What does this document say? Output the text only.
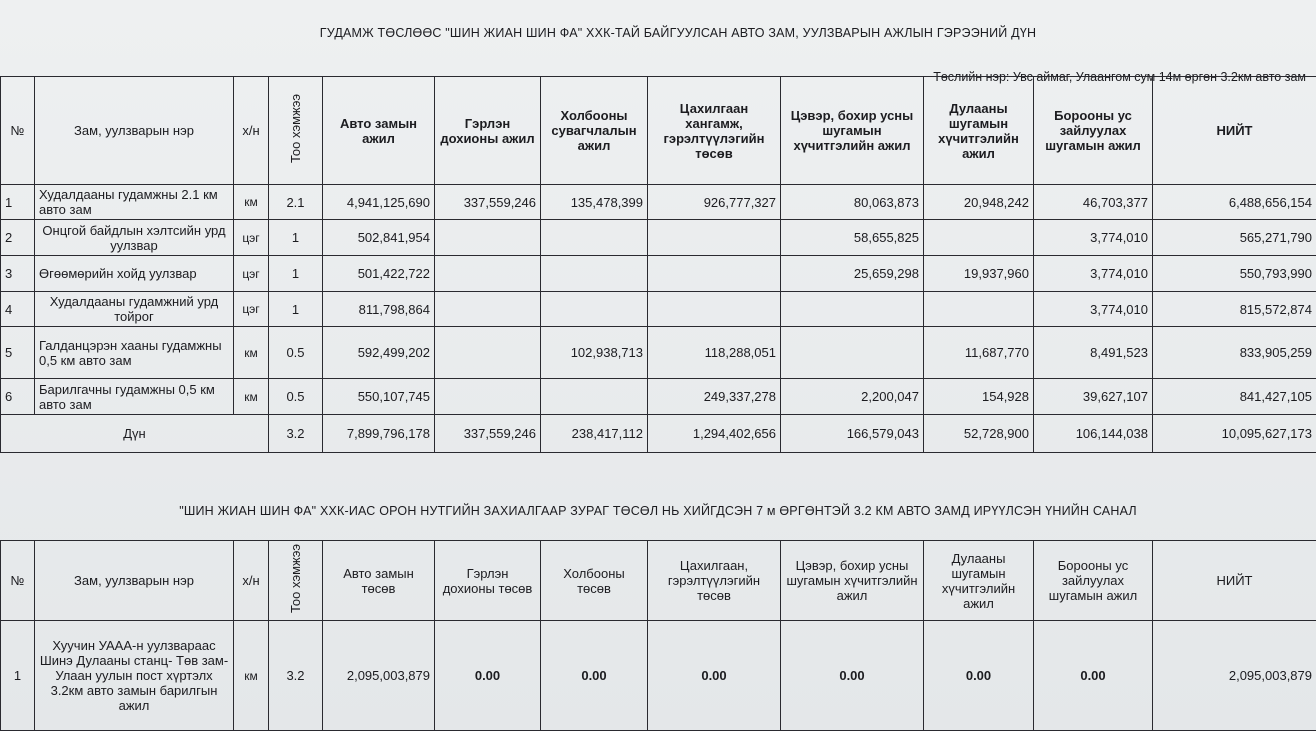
ГУДАМЖ ТӨСЛӨӨС "ШИН ЖИАН ШИН ФА" ХХК-ТАЙ БАЙГУУЛСАН АВТО ЗАМ, УУЛЗВАРЫН АЖЛЫН ГЭРЭЭНИЙ ДҮН
Төслийн нэр: Увс аймаг, Улаангом сум 14м өргөн 3.2км авто зам
№	Зам, уулзварын нэр	х/н	Тоо хэмжээ	Авто замын ажил	Гэрлэн дохионы ажил	Холбооны сувагчлалын ажил	Цахилгаан хангамж, гэрэлтүүлэгийн төсөв	Цэвэр, бохир усны шугамын хүчитгэлийн ажил	Дулааны шугамын хүчитгэлийн ажил	Борооны ус зайлуулах шугамын ажил	НИЙТ
1	Худалдааны гудамжны 2.1 км авто зам	км	2.1	4,941,125,690	337,559,246	135,478,399	926,777,327	80,063,873	20,948,242	46,703,377	6,488,656,154
2	Онцгой байдлын хэлтсийн урд уулзвар	цэг	1	502,841,954				58,655,825		3,774,010	565,271,790
3	Өгөөмөрийн хойд уулзвар	цэг	1	501,422,722				25,659,298	19,937,960	3,774,010	550,793,990
4	Худалдааны гудамжний урд тойрог	цэг	1	811,798,864						3,774,010	815,572,874
5	Галданцэрэн хааны гудамжны 0,5 км авто зам	км	0.5	592,499,202		102,938,713	118,288,051		11,687,770	8,491,523	833,905,259
6	Барилгачны гудамжны 0,5 км авто зам	км	0.5	550,107,745			249,337,278	2,200,047	154,928	39,627,107	841,427,105
Дүн			3.2	7,899,796,178	337,559,246	238,417,112	1,294,402,656	166,579,043	52,728,900	106,144,038	10,095,627,173
"ШИН ЖИАН ШИН ФА" ХХК-ИАС ОРОН НУТГИЙН ЗАХИАЛГААР ЗУРАГ ТӨСӨЛ НЬ ХИЙГДСЭН 7 м ӨРГӨНТЭЙ 3.2 КМ АВТО ЗАМД ИРҮҮЛСЭН ҮНИЙН САНАЛ
№	Зам, уулзварын нэр	х/н	Тоо хэмжээ	Авто замын төсөв	Гэрлэн дохионы төсөв	Холбооны төсөв	Цахилгаан, гэрэлтүүлэгийн төсөв	Цэвэр, бохир усны шугамын хүчитгэлийн ажил	Дулааны шугамын хүчитгэлийн ажил	Борооны ус зайлуулах шугамын ажил	НИЙТ
1	Хуучин УААА-н уулзвараас Шинэ Дулааны станц- Төв зам- Улаан уулын пост хүртэлх 3.2км авто замын барилгын ажил	км	3.2	2,095,003,879	0.00	0.00	0.00	0.00	0.00	0.00	2,095,003,879
